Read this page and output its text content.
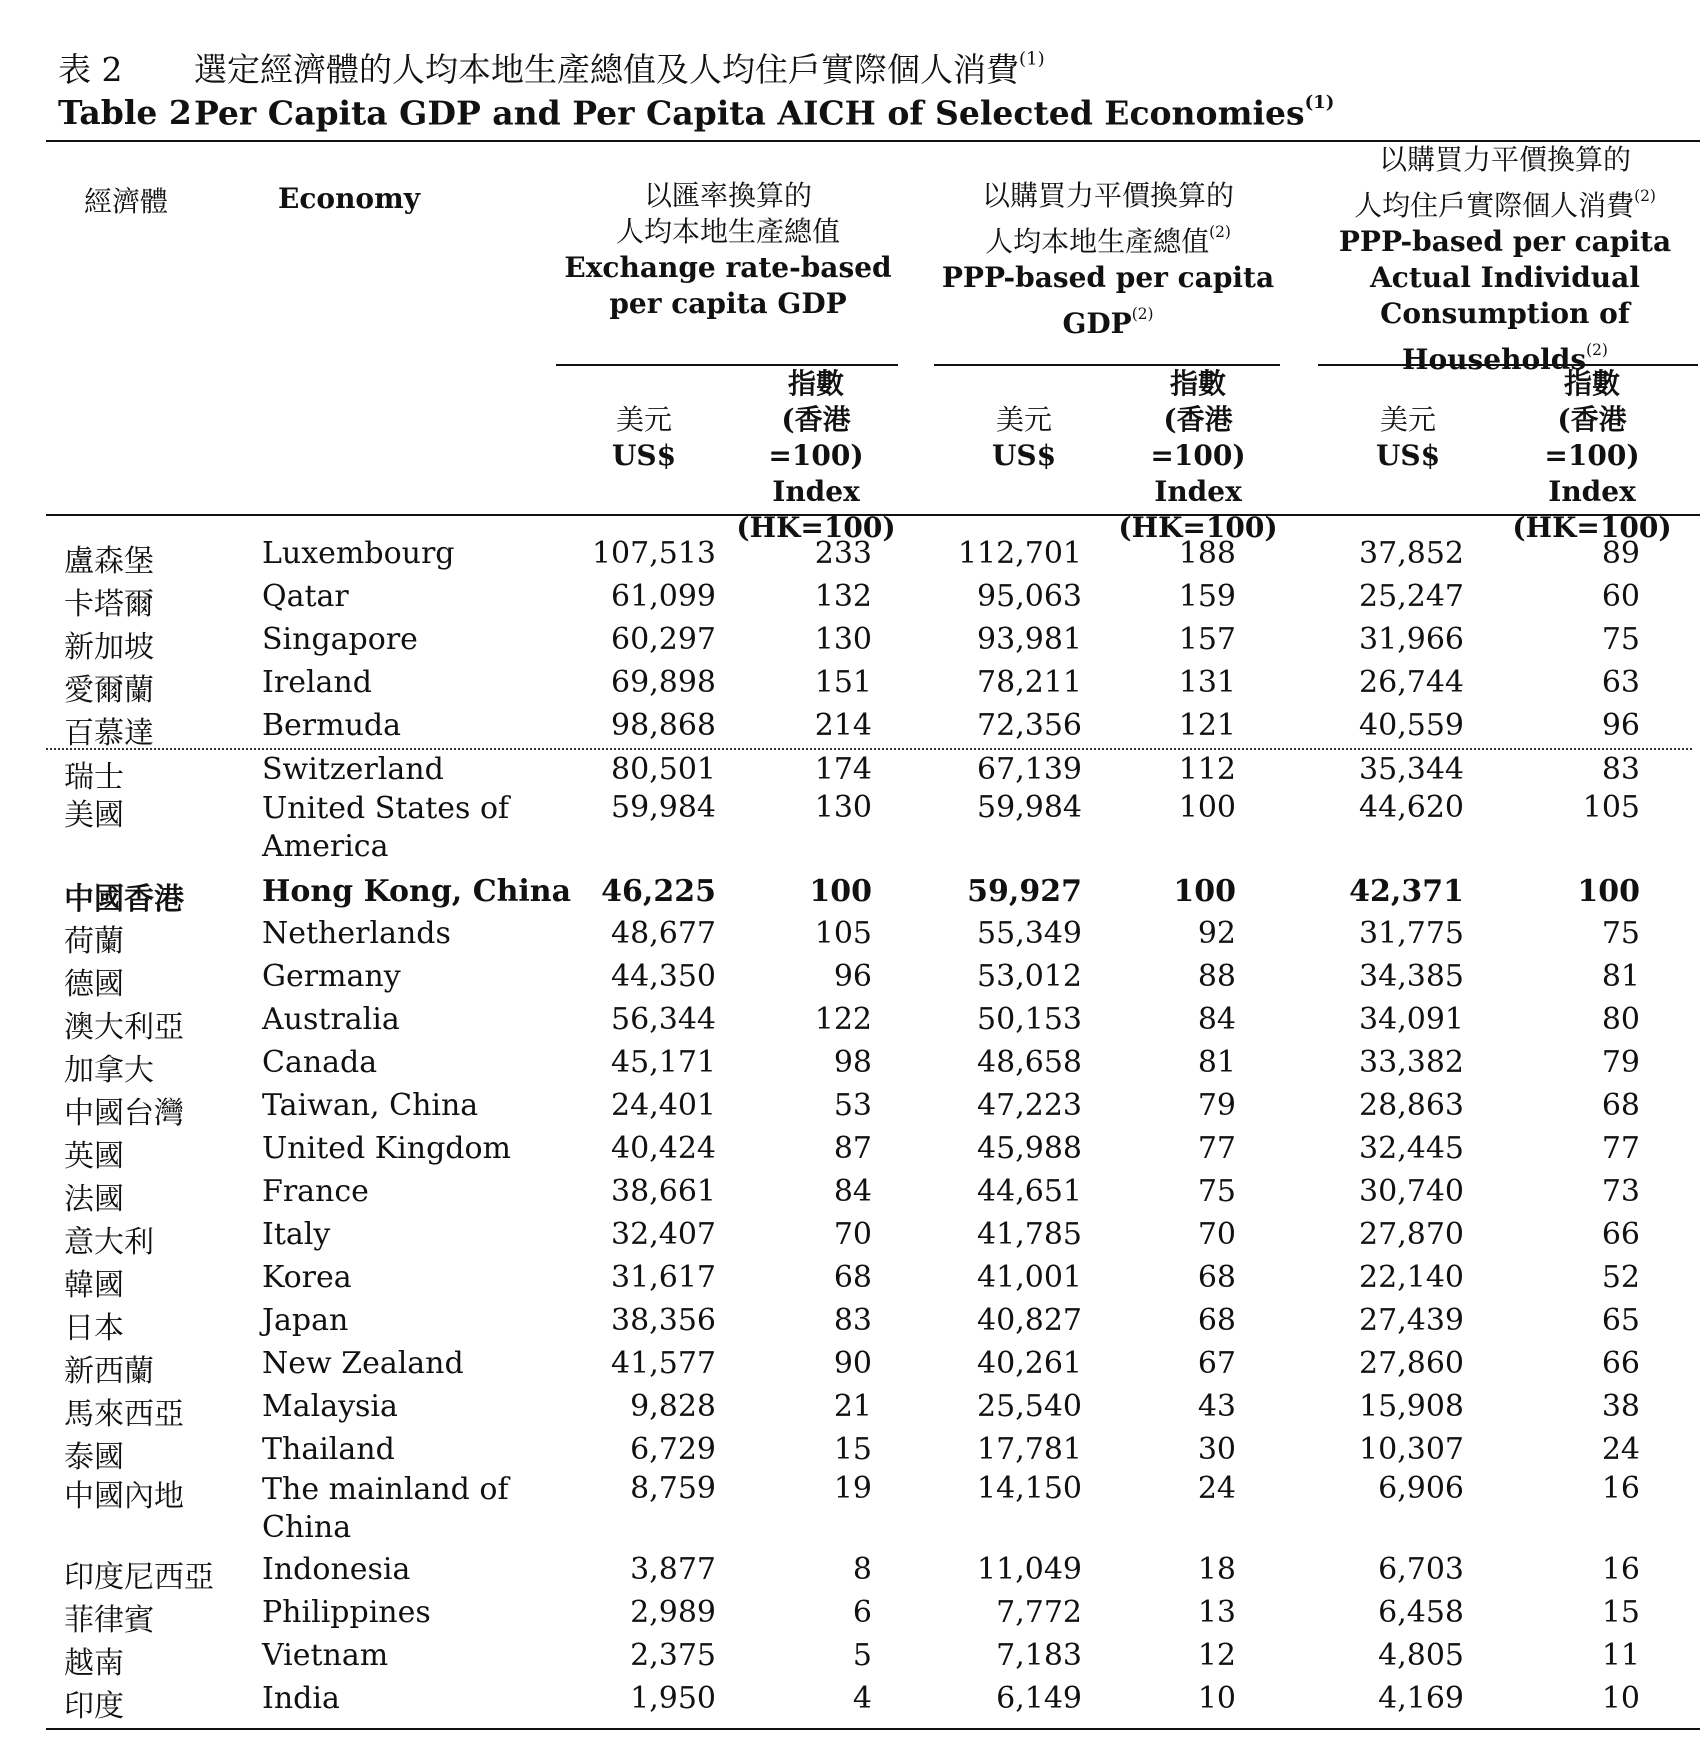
表 2 選定經濟體的人均本地生產總值及人均住戶實際個人消費$^{(1)}$
Table 2Per Capita GDP and Per Capita AICH of Selected Economies$^{(1)}$
經濟體	Economy	以匯率換算的
人均本地生產總值
Exchange rate-based
per capita GDP
以購買力平價換算的
人均本地生產總值$^{(2)}$
PPP-based per capita
GDP$^{(2)}$
以購買力平價換算的
人均住戶實際個人消費$^{(2)}$
PPP-based per capita
Actual Individual
Consumption of
Households$^{(2)}$
美元
US$
指數
(香港=100)
Index
(HK=100)
美元
US$
指數
(香港=100)
Index
(HK=100)
美元
US$
指數
(香港=100)
Index
(HK=100)
盧森堡	Luxembourg	107,513	233	112,701	188	37,852	89
卡塔爾	Qatar	61,099	132	95,063	159	25,247	60
新加坡	Singapore	60,297	130	93,981	157	31,966	75
愛爾蘭	Ireland	69,898	151	78,211	131	26,744	63
百慕達	Bermuda	98,868	214	72,356	121	40,559	96
瑞士	Switzerland	80,501	174	67,139	112	35,344	83
美國	United States of America
59,984	130	59,984	100	44,620	105
中國香港	Hong Kong, China 46,225	100	59,927	100	42,371	100
荷蘭	Netherlands	48,677	105	55,349	92	31,775	75
德國	Germany	44,350	96	53,012	88	34,385	81
澳大利亞	Australia	56,344	122	50,153	84	34,091	80
加拿大	Canada	45,171	98	48,658	81	33,382	79
中國台灣	Taiwan, China	24,401	53	47,223	79	28,863	68
英國	United Kingdom	40,424	87	45,988	77	32,445	77
法國	France	38,661	84	44,651	75	30,740	73
意大利	Italy	32,407	70	41,785	70	27,870	66
韓國	Korea	31,617	68	41,001	68	22,140	52
日本	Japan	38,356	83	40,827	68	27,439	65
新西蘭	New Zealand	41,577	90	40,261	67	27,860	66
馬來西亞	Malaysia	9,828	21	25,540	43	15,908	38
泰國	Thailand	6,729	15	17,781	30	10,307	24
中國內地	The mainland of China
8,759	19	14,150	24	6,906	16
印度尼西亞 Indonesia	3,877	8	11,049	18	6,703	16
菲律賓	Philippines	2,989	6	7,772	13	6,458	15
越南	Vietnam	2,375	5	7,183	12	4,805	11
印度	India	1,950	4	6,149	10	4,169	10
